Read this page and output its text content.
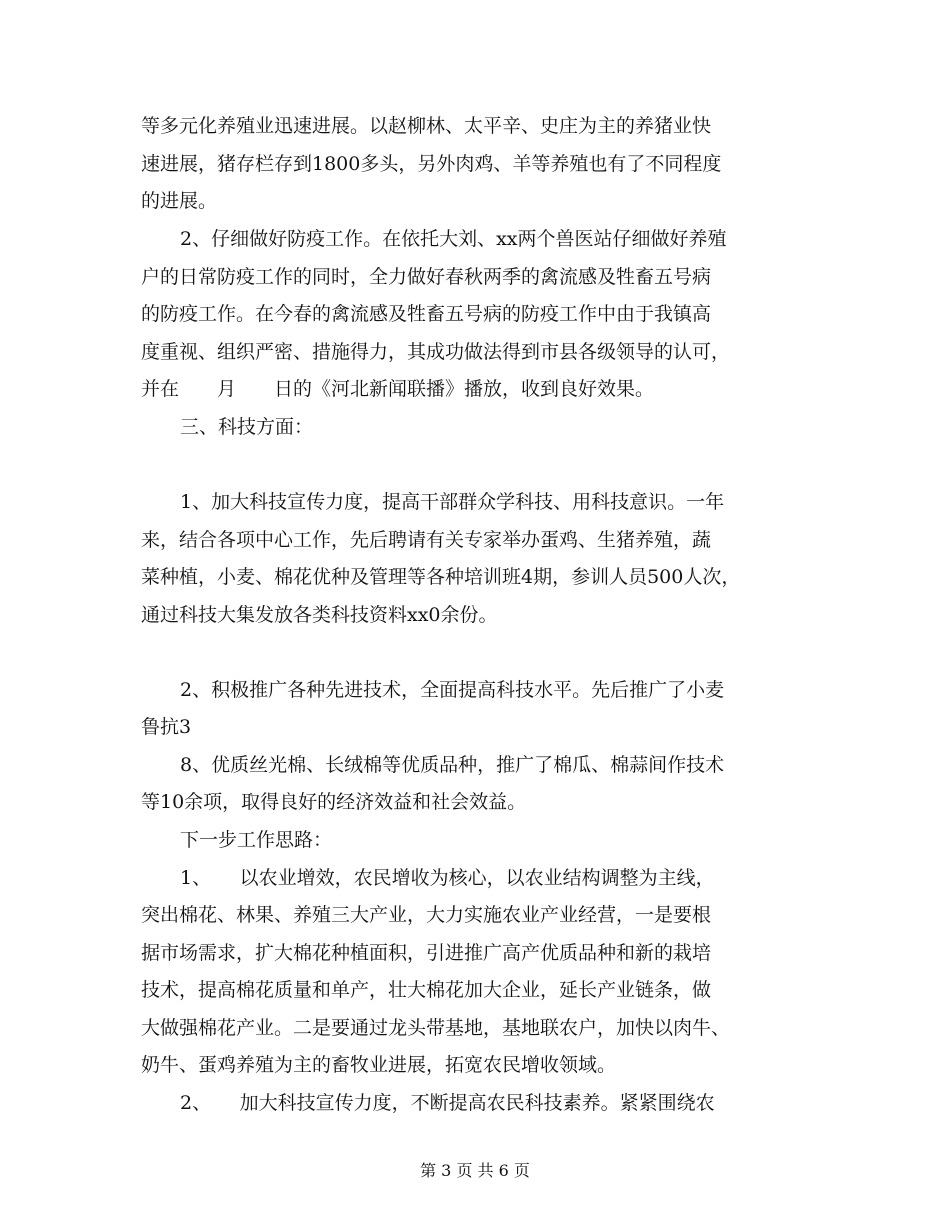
等多元化养殖业迅速进展。以赵柳林、太平辛、史庄为主的养猪业快
速进展，猪存栏存到1800多头，另外肉鸡、羊等养殖也有了不同程度
的进展。
2、仔细做好防疫工作。在依托大刘、xx两个兽医站仔细做好养殖
户的日常防疫工作的同时，全力做好春秋两季的禽流感及牲畜五号病
的防疫工作。在今春的禽流感及牲畜五号病的防疫工作中由于我镇高
度重视、组织严密、措施得力，其成功做法得到市县各级领导的认可，
并在　　月　　日的《河北新闻联播》播放，收到良好效果。
三、科技方面：
1、加大科技宣传力度，提高干部群众学科技、用科技意识。一年
来，结合各项中心工作，先后聘请有关专家举办蛋鸡、生猪养殖，蔬
菜种植，小麦、棉花优种及管理等各种培训班4期，参训人员500人次，
通过科技大集发放各类科技资料xx0余份。
2、积极推广各种先进技术，全面提高科技水平。先后推广了小麦
鲁抗3
8、优质丝光棉、长绒棉等优质品种，推广了棉瓜、棉蒜间作技术
等10余项，取得良好的经济效益和社会效益。
下一步工作思路：
1、　　以农业增效，农民增收为核心，以农业结构调整为主线，
突出棉花、林果、养殖三大产业，大力实施农业产业经营，一是要根
据市场需求，扩大棉花种植面积，引进推广高产优质品种和新的栽培
技术，提高棉花质量和单产，壮大棉花加大企业，延长产业链条，做
大做强棉花产业。二是要通过龙头带基地，基地联农户，加快以肉牛、
奶牛、蛋鸡养殖为主的畜牧业进展，拓宽农民增收领域。
2、　　加大科技宣传力度，不断提高农民科技素养。紧紧围绕农
第 3 页 共 6 页
